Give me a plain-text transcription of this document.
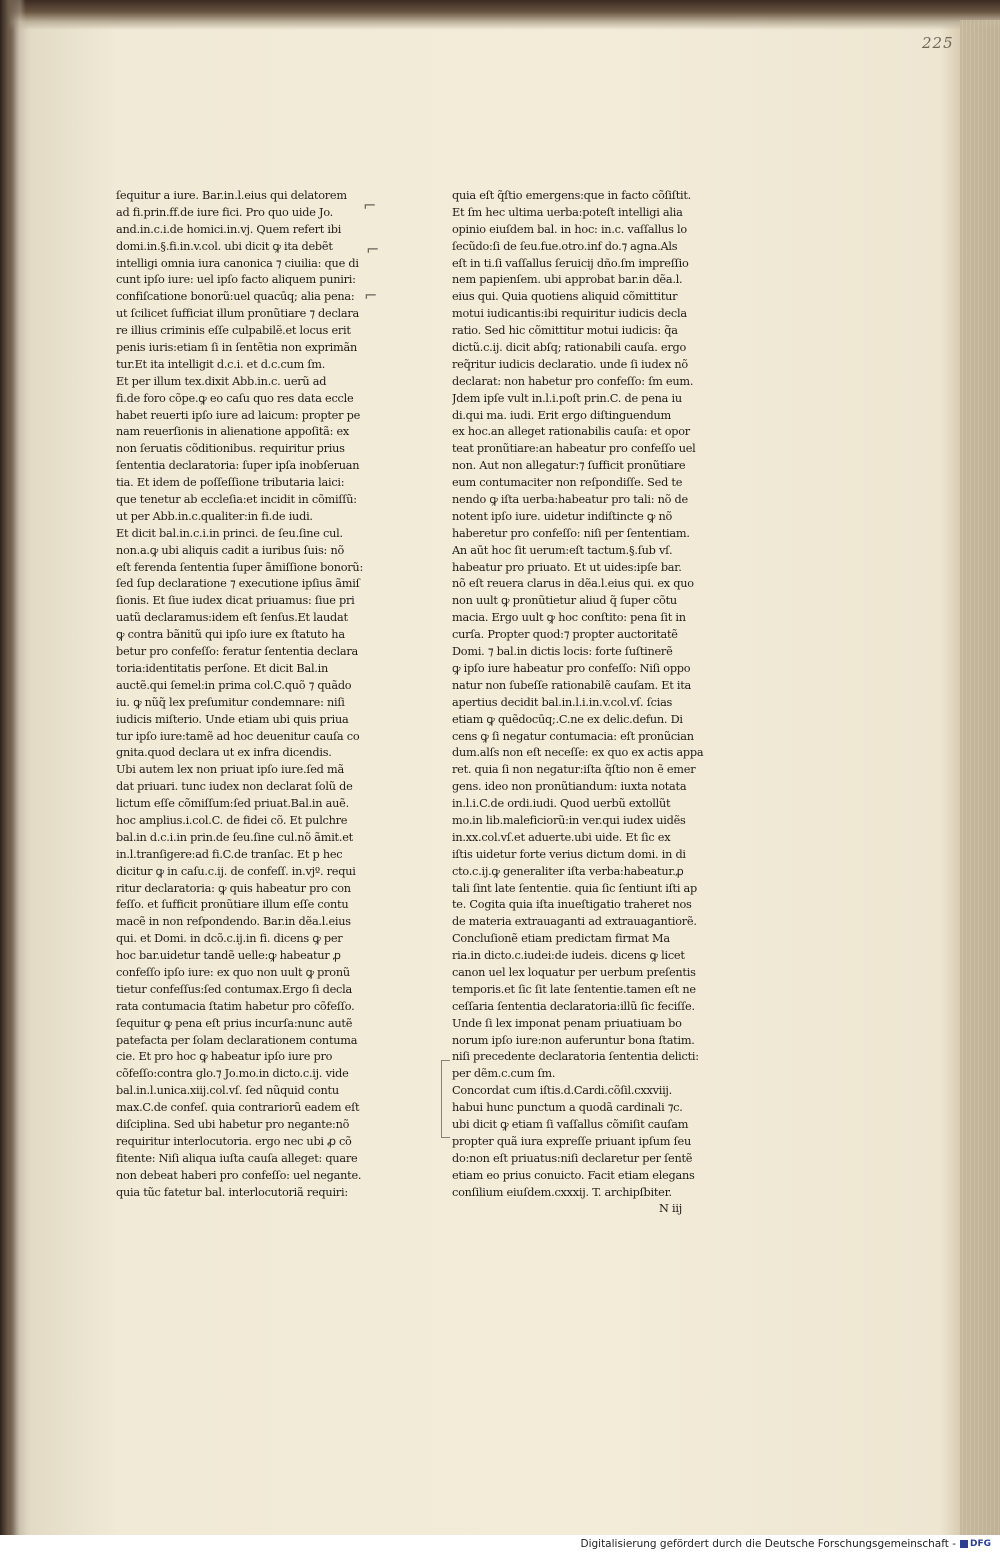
225
⌐
⌐
⌐
ſequitur a iure. Bar.in.l.eius qui delatorem
ad fi.prin.ff.de iure fici. Pro quo uide Jo.
and.in.c.i.de homici.in.vj. Quem refert ibi
domi.in.§.fi.in.v.col. ubi dicit ꝙ ita debẽt
intelligi omnia iura canonica ⁊ ciuilia: que di
cunt ipſo iure: uel ipſo facto aliquem puniri:
confiſcatione bonorũ:uel quacūq; alia pena:
ut ſcilicet ſufficiat illum pronũtiare ⁊ declara
re illius criminis eſſe culpabilẽ.et locus erit
penis iuris:etiam ſi in ſentẽtia non exprimãn
tur.Et ita intelligit d.c.i. et d.c.cum ſm.
Et per illum tex.dixit Abb.in.c. uerũ ad
fi.de foro cõpe.ꝙ eo caſu quo res data eccle
habet reuerti ipſo iure ad laicum: propter pe
nam reuerſionis in alienatione appoſitã: ex
non ſeruatis cõditionibus. requiritur prius
ſententia declaratoria: ſuper ipſa inobſeruan
tia. Et idem de poſſeſſione tributaria laici:
que tenetur ab eccleſia:et incidit in cõmiſſũ:
ut per Abb.in.c.qualiter:in fi.de iudi.
Et dicit bal.in.c.i.in princi. de ſeu.ſine cul.
non.a.ꝙ ubi aliquis cadit a iuribus ſuis: nõ
eſt ferenda ſententia ſuper ãmiſſione bonorũ:
ſed ſup declaratione ⁊ executione ipſius ãmiſ
ſionis. Et ſiue iudex dicat priuamus: ſiue pri
uatũ declaramus:idem eſt ſenſus.Et laudat
ꝙ contra bãnitũ qui ipſo iure ex ſtatuto ha
betur pro confeſſo: feratur ſententia declara
toria:identitatis perſone. Et dicit Bal.in
auctẽ.qui ſemel:in prima col.C.quõ ⁊ quãdo
iu. ꝙ nũq̃ lex preſumitur condemnare: niſi
iudicis miſterio. Unde etiam ubi quis priua
tur ipſo iure:tamẽ ad hoc deuenitur cauſa co
gnita.quod declara ut ex infra dicendis.
Ubi autem lex non priuat ipſo iure.ſed mã
dat priuari. tunc iudex non declarat ſolũ de
lictum eſſe cõmiſſum:ſed priuat.Bal.in auẽ.
hoc amplius.i.col.C. de fidei cõ. Et pulchre
bal.in d.c.i.in prin.de ſeu.ſine cul.nõ ãmit.et
in.l.tranſigere:ad fi.C.de tranſac. Et p hec
dicitur ꝙ in caſu.c.ij. de confeſſ. in.vjº. requi
ritur declaratoria: ꝙ quis habeatur pro con
feſſo. et ſufficit pronũtiare illum eſſe contu
macẽ in non reſpondendo. Bar.in dẽa.l.eius
qui. et Domi. in dcõ.c.ij.in fi. dicens ꝙ per
hoc bar.uidetur tandẽ uelle:ꝙ habeatur ꝓ
confeſſo ipſo iure: ex quo non uult ꝙ pronũ
tietur confeſſus:ſed contumax.Ergo ſi decla
rata contumacia ſtatim habetur pro cõfeſſo.
ſequitur ꝙ pena eſt prius incurſa:nunc autẽ
patefacta per ſolam declarationem contuma
cie. Et pro hoc ꝙ habeatur ipſo iure pro
cõfeſſo:contra glo.⁊ Jo.mo.in dicto.c.ij. vide
bal.in.l.unica.xiij.col.vſ. ſed nũquid contu
max.C.de confeſ. quia contrariorũ eadem eſt
diſciplina. Sed ubi habetur pro negante:nõ
requiritur interlocutoria. ergo nec ubi ꝓ cõ
fitente: Niſi aliqua iuſta cauſa alleget: quare
non debeat haberi pro confeſſo: uel negante.
quia tũc fatetur bal. interlocutoriã requiri:
quia eſt q̃ſtio emergens:que in facto cõſiſtit.
Et ſm hec ultima uerba:poteſt intelligi alia
opinio eiuſdem bal. in hoc: in.c. vaſſallus lo
ſecũdo:ſi de ſeu.fue.otro.inf do.⁊ agna.Als
eſt in ti.ſi vaſſallus ſeruicij dño.ſm impreſſio
nem papienſem. ubi approbat bar.in dẽa.l.
eius qui. Quia quotiens aliquid cõmittitur
motui iudicantis:ibi requiritur iudicis decla
ratio. Sed hic cõmittitur motui iudicis: q̃a
dictũ.c.ij. dicit abſq; rationabili cauſa. ergo
req̃ritur iudicis declaratio. unde ſi iudex nõ
declarat: non habetur pro confeſſo: ſm eum.
Jdem ipſe vult in.l.i.poſt prin.C. de pena iu
di.qui ma. iudi. Erit ergo diſtinguendum
ex hoc.an alleget rationabilis cauſa: et opor
teat pronũtiare:an habeatur pro confeſſo uel
non. Aut non allegatur:⁊ ſufficit pronũtiare
eum contumaciter non reſpondiſſe. Sed te
nendo ꝙ iſta uerba:habeatur pro tali: nõ de
notent ipſo iure. uidetur indiſtincte ꝙ nõ
haberetur pro confeſſo: niſi per ſententiam.
An aūt hoc ſit uerum:eſt tactum.§.ſub vſ.
habeatur pro priuato. Et ut uides:ipſe bar.
nõ eſt reuera clarus in dẽa.l.eius qui. ex quo
non uult ꝙ pronũtietur aliud q̃ ſuper cõtu
macia. Ergo uult ꝙ hoc conſtito: pena ſit in
curſa. Propter quod:⁊ propter auctoritatẽ
Domi. ⁊ bal.in dictis locis: forte ſuſtinerẽ
ꝙ ipſo iure habeatur pro confeſſo: Niſi oppo
natur non ſubeſſe rationabilẽ cauſam. Et ita
apertius decidit bal.in.l.i.in.v.col.vſ. ſcias
etiam ꝙ quẽdocūq;.C.ne ex delic.defun. Di
cens ꝙ ſi negatur contumacia: eſt pronũcian
dum.alſs non eſt neceſſe: ex quo ex actis appa
ret. quia ſi non negatur:iſta q̃ſtio non ẽ emer
gens. ideo non pronũtiandum: iuxta notata
in.l.i.C.de ordi.iudi. Quod uerbũ extollũt
mo.in lib.maleficiorũ:in ver.qui iudex uidẽs
in.xx.col.vſ.et aduerte.ubi uide. Et ſic ex
iſtis uidetur forte verius dictum domi. in di
cto.c.ij.ꝙ generaliter iſta verba:habeatur.ꝓ
tali ſint late ſententie. quia ſic ſentiunt iſti ap
te. Cogita quia iſta inueſtigatio traheret nos
de materia extrauaganti ad extrauagantiorẽ.
Concluſionẽ etiam predictam firmat Ma
ria.in dicto.c.iudei:de iudeis. dicens ꝙ licet
canon uel lex loquatur per uerbum preſentis
temporis.et ſic ſit late ſententie.tamen eſt ne
ceſſaria ſententia declaratoria:illũ ſic feciſſe.
Unde ſi lex imponat penam priuatiuam bo
norum ipſo iure:non auferuntur bona ſtatim.
niſi precedente declaratoria ſententia delicti:
per dẽm.c.cum ſm.
Concordat cum iſtis.d.Cardi.cõſil.cxxviij.
habui hunc punctum a quodã cardinali ⁊c.
ubi dicit ꝙ etiam ſi vaſſallus cõmiſit cauſam
propter quã iura expreſſe priuant ipſum ſeu
do:non eſt priuatus:niſi declaretur per ſentẽ
etiam eo prius conuicto. Facit etiam elegans
conſilium eiuſdem.cxxxij. T. archipſbiter.
N iij
Digitalisierung gefördert durch die Deutsche Forschungsgemeinschaft - DFG
